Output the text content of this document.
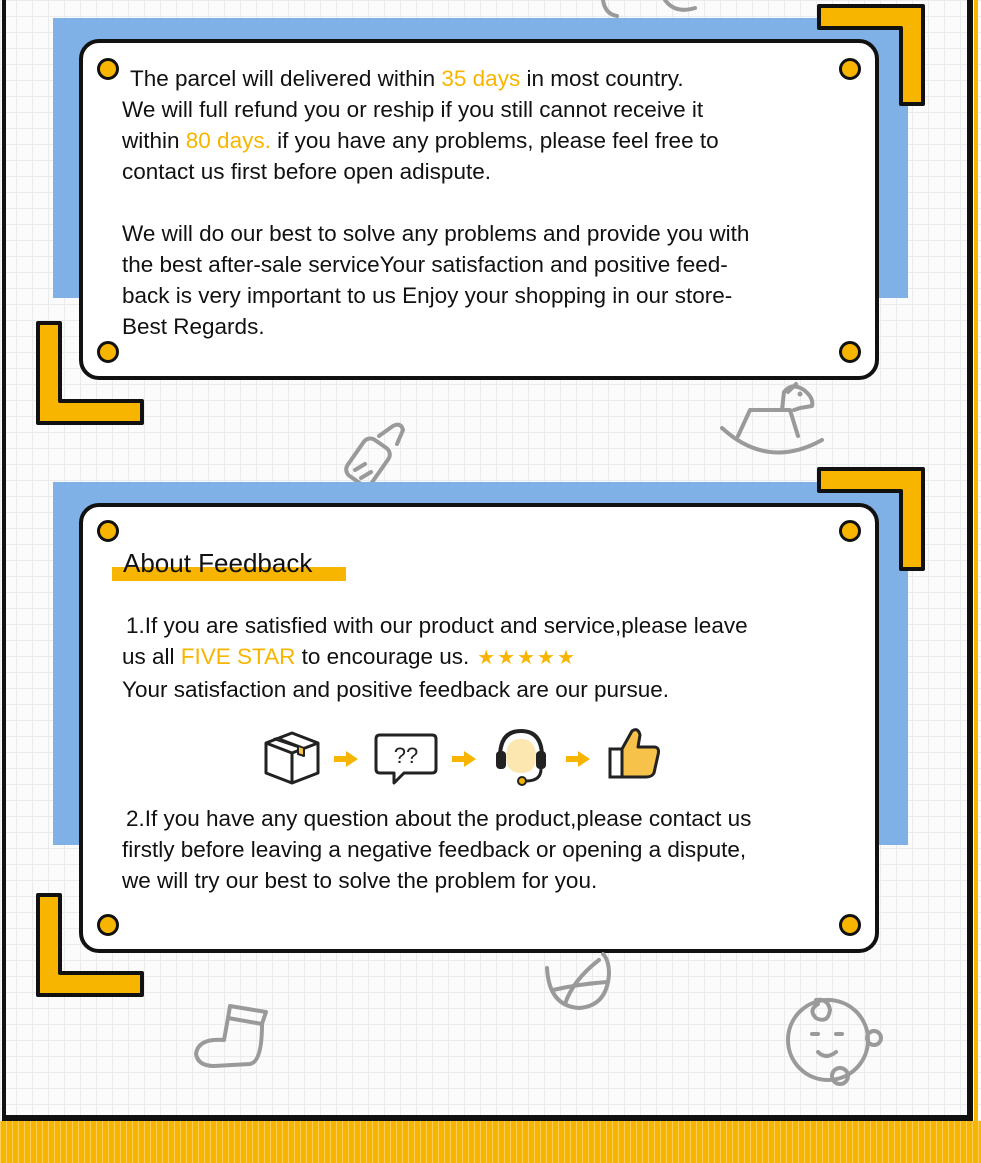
The parcel will delivered within 35 days in most country.

We will full refund you or reship if you still cannot receive it

within 80 days. if you have any problems, please feel free to

contact us first before open adispute.

We will do our best to solve any problems and provide you with

the best after-sale serviceYour satisfaction and positive feed-

back is very important to us Enjoy your shopping in our store-

Best Regards.

About Feedback

1.If you are satisfied with our product and service,please leave

us all FIVE STAR to encourage us. ★★★★★

Your satisfaction and positive feedback are our pursue.

??

2.If you have any question about the product,please contact us

firstly before leaving a negative feedback or opening a dispute,

we will try our best to solve the problem for you.
